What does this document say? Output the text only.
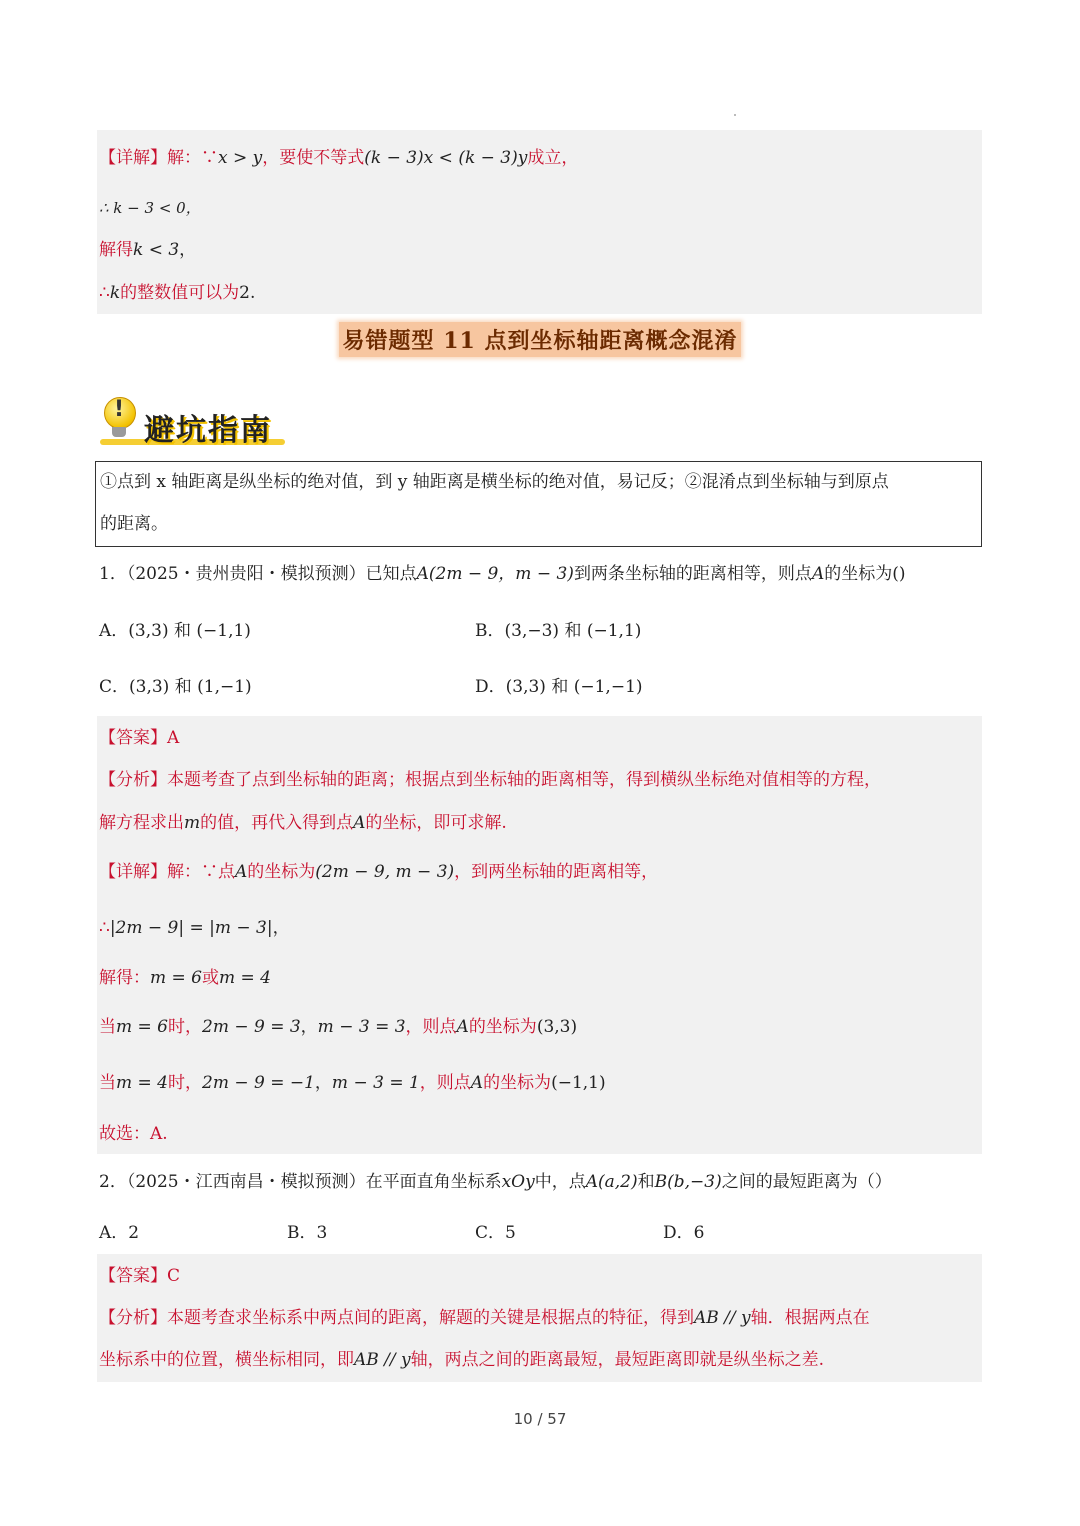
【详解】解：∵x > y，要使不等式(k − 3)x < (k − 3)y成立，
∴ k − 3 < 0，
解得k < 3，
∴k的整数值可以为2.
易错题型 11 点到坐标轴距离概念混淆
!
避坑指南
①点到 x 轴距离是纵坐标的绝对值，到 y 轴距离是横坐标的绝对值，易记反；②混淆点到坐标轴与到原点
的距离。
1．（2025・贵州贵阳・模拟预测）已知点A(2m − 9，m − 3)到两条坐标轴的距离相等，则点A的坐标为()
A．(3,3) 和 (−1,1)	B．(3,−3) 和 (−1,1)
C．(3,3) 和 (1,−1)	D．(3,3) 和 (−1,−1)
【答案】A
【分析】本题考查了点到坐标轴的距离；根据点到坐标轴的距离相等，得到横纵坐标绝对值相等的方程，
解方程求出m的值，再代入得到点A的坐标，即可求解.
【详解】解：∵点A的坐标为(2m − 9, m − 3)，到两坐标轴的距离相等，
∴|2m − 9| = |m − 3|，
解得：m = 6或m = 4
当m = 6时，2m − 9 = 3，m − 3 = 3，则点A的坐标为(3,3)
当m = 4时，2m − 9 = −1，m − 3 = 1，则点A的坐标为(−1,1)
故选：A.
2．（2025・江西南昌・模拟预测）在平面直角坐标系xOy中，点A(a,2)和B(b,−3)之间的最短距离为（）
A．2	B．3	C．5	D．6
【答案】C
【分析】本题考查求坐标系中两点间的距离，解题的关键是根据点的特征，得到AB // y轴．根据两点在
坐标系中的位置，横坐标相同，即AB // y轴，两点之间的距离最短，最短距离即就是纵坐标之差.
10 / 57
